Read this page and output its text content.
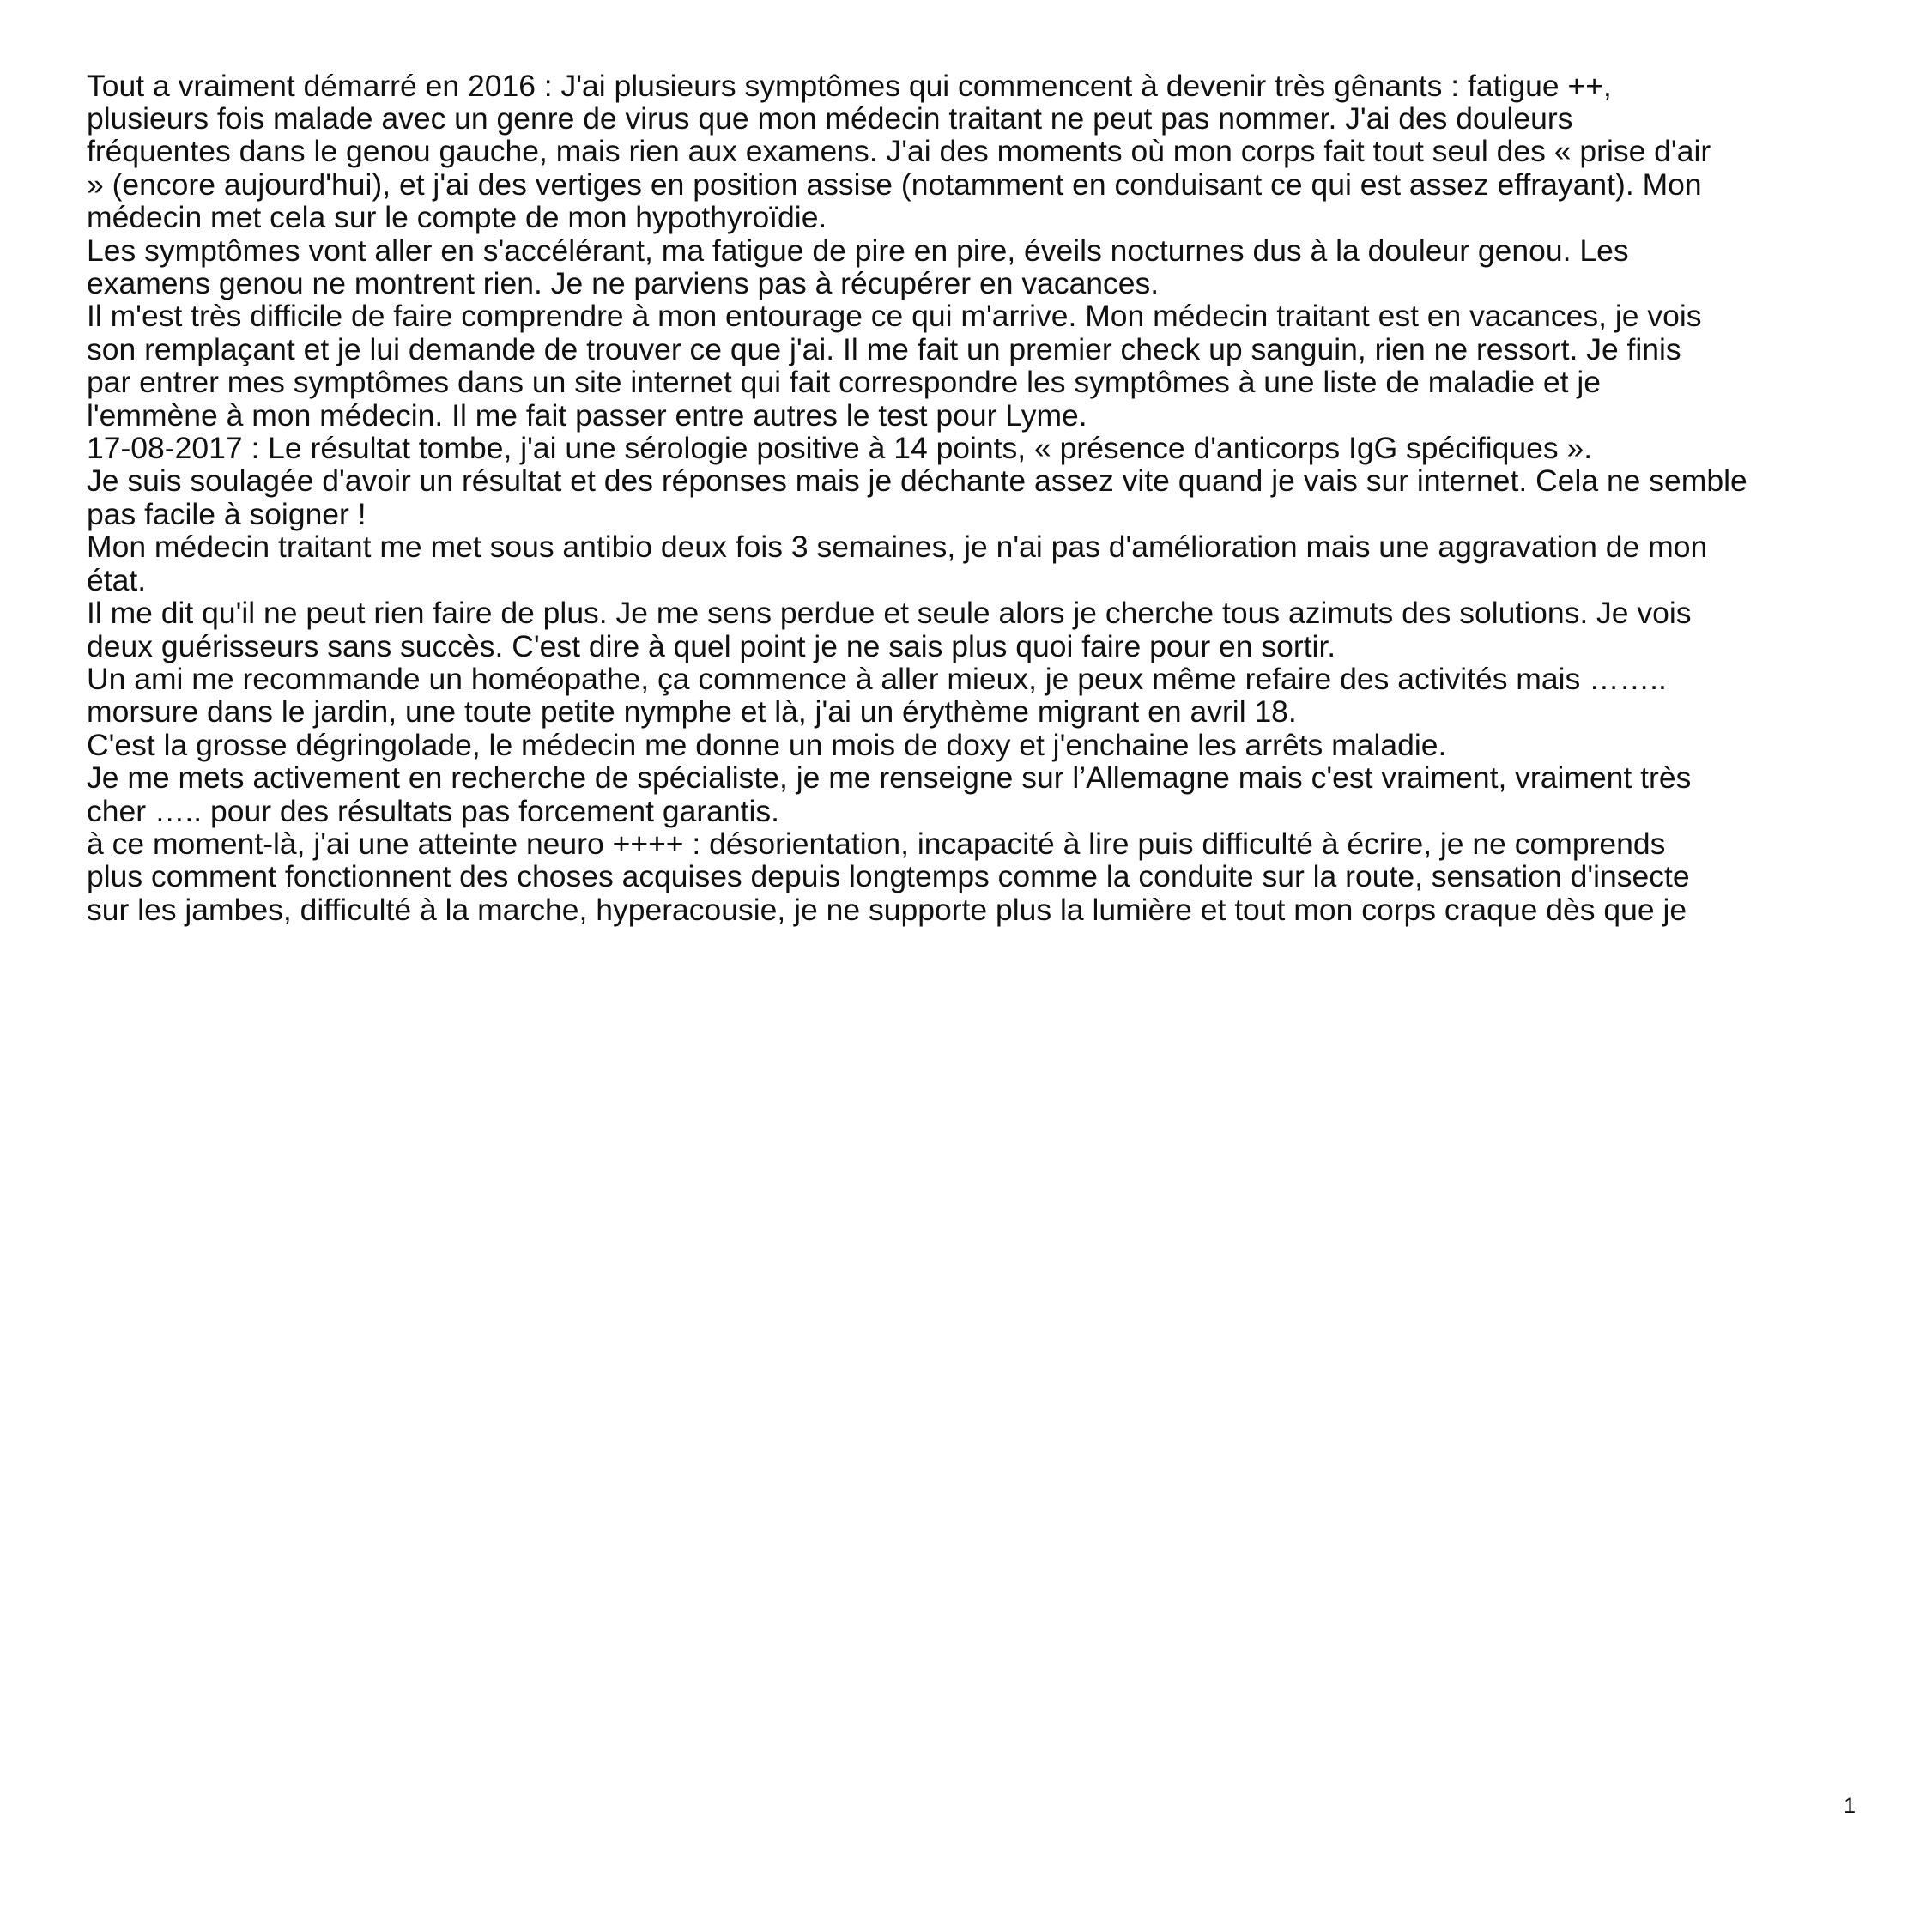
Tout a vraiment démarré en 2016 : J'ai plusieurs symptômes qui commencent à devenir très gênants : fatigue ++,
plusieurs fois malade avec un genre de virus que mon médecin traitant ne peut pas nommer. J'ai des douleurs
fréquentes dans le genou gauche, mais rien aux examens. J'ai des moments où mon corps fait tout seul des « prise d'air
» (encore aujourd'hui), et j'ai des vertiges en position assise (notamment en conduisant ce qui est assez effrayant). Mon
médecin met cela sur le compte de mon hypothyroïdie.
Les symptômes vont aller en s'accélérant, ma fatigue de pire en pire, éveils nocturnes dus à la douleur genou. Les
examens genou ne montrent rien. Je ne parviens pas à récupérer en vacances.
Il m'est très difficile de faire comprendre à mon entourage ce qui m'arrive. Mon médecin traitant est en vacances, je vois
son remplaçant et je lui demande de trouver ce que j'ai. Il me fait un premier check up sanguin, rien ne ressort. Je finis
par entrer mes symptômes dans un site internet qui fait correspondre les symptômes à une liste de maladie et je
l'emmène à mon médecin. Il me fait passer entre autres le test pour Lyme.
17-08-2017 : Le résultat tombe, j'ai une sérologie positive à 14 points, « présence d'anticorps IgG spécifiques ».
Je suis soulagée d'avoir un résultat et des réponses mais je déchante assez vite quand je vais sur internet. Cela ne semble
pas facile à soigner !
Mon médecin traitant me met sous antibio deux fois 3 semaines, je n'ai pas d'amélioration mais une aggravation de mon
état.
Il me dit qu'il ne peut rien faire de plus. Je me sens perdue et seule alors je cherche tous azimuts des solutions. Je vois
deux guérisseurs sans succès. C'est dire à quel point je ne sais plus quoi faire pour en sortir.
Un ami me recommande un homéopathe, ça commence à aller mieux, je peux même refaire des activités mais ……..
morsure dans le jardin, une toute petite nymphe et là, j'ai un érythème migrant en avril 18.
C'est la grosse dégringolade, le médecin me donne un mois de doxy et j'enchaine les arrêts maladie.
Je me mets activement en recherche de spécialiste, je me renseigne sur l’Allemagne mais c'est vraiment, vraiment très
cher ….. pour des résultats pas forcement garantis.
à ce moment-là, j'ai une atteinte neuro ++++ : désorientation, incapacité à lire puis difficulté à écrire, je ne comprends
plus comment fonctionnent des choses acquises depuis longtemps comme la conduite sur la route, sensation d'insecte
sur les jambes, difficulté à la marche, hyperacousie, je ne supporte plus la lumière et tout mon corps craque dès que je
1
